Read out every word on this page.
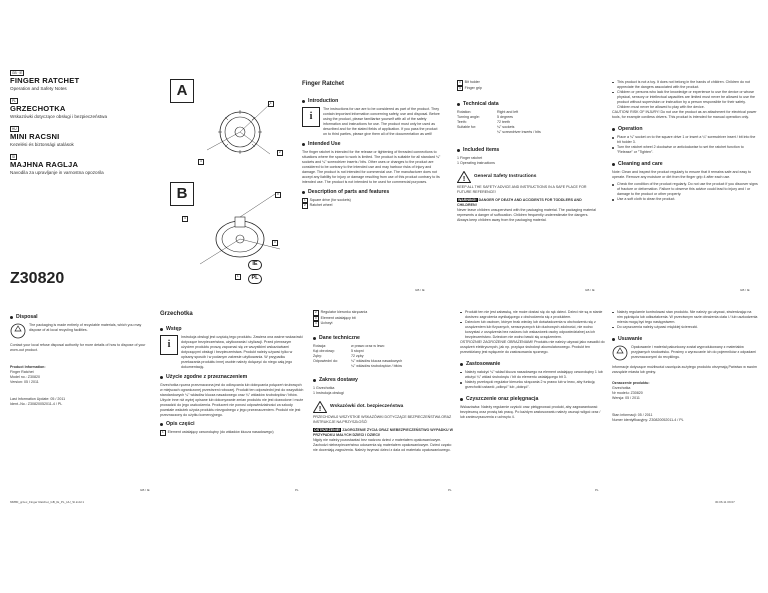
GB · IE

FINGER RATCHET
Operation and Safety Notes
PL

GRZECHOTKA
Wskazówki dotyczące obsługi i bezpieczeństwa
HU

MINI RACSNI
Kezelési és biztonsági utalások
SI

MAJHNA RAGLJA
Navodila za upravljanje in varnostna opozorila
Z30820
A
B
1
2
4
3
4
3
1
IE
PL
Finger Ratchet
Introduction
i
The instructions for use are to be considered as part of the product. They contain important information concerning safety, use and disposal. Before using the product, please familiarise yourself with all of the safety information and instructions for use. The product must only be used as described and for the stated fields of application. If you pass the product on to third parties, please give them all of the documentation as well!
Intended Use
The finger ratchet is intended for the release or tightening of threaded connections to situations where the space to work is limited. The product is suitable for all standard ¼" sockets and ¼" screwdriver inserts / bits. Other uses or changes to the product are considered to be contrary to the intended use and may harbour risks of injury and damage. The product is not intended for commercial use. The manufacturer does not accept any liability for injury or damage resulting from use of this product contrary to its intended use. The product is not intended to be used for commercial purposes.
Description of parts and features
1 Square drive (for sockets)
2 Ratchet wheel
3 Bit holder
4 Finger grip
Technical data
Rotation:	Right and left
Turning angle:	5 degrees
Teeth:	72 teeth
Suitable for:	¼" sockets
¼" screwdriver inserts / bits
Included items
1 Finger ratchet
1 Operating instructions
! General Safety Instructions
KEEP ALL THE SAFETY ADVICE AND INSTRUCTIONS IN A SAFE PLACE FOR FUTURE REFERENCE!
WARNING! DANGER OF DEATH AND ACCIDENTS FOR TODDLERS AND CHILDREN!
Never leave children unsupervised with the packaging material. The packaging material represents a danger of suffocation. Children frequently underestimate the dangers. Always keep children away from the packaging material.
This product is not a toy. It does not belong in the hands of children. Children do not appreciate the dangers associated with the product.
Children or persons who lack the knowledge or experience to use the device or whose physical, sensory or intellectual capacities are limited must never be allowed to use the product without supervision or instruction by a person responsible for their safety. Children must never be allowed to play with the device.
CAUTION! RISK OF INJURY! Do not use the product as an attachment for electrical power tools, for example cordless drivers. This product is intended for manual operation only.
Operation
Place a ¼" socket on to the square drive 1 or insert a ¼" screwdriver insert / bit into the bit holder 3.
Turn the ratchet wheel 2 clockwise or anticlockwise to set the ratchet function to "Release" or "Tighten".
Cleaning and care
Note: Clean and inspect the product regularly to ensure that it remains safe and easy to operate. Remove any moisture or dirt from the finger grip 4 after each use.
Check the condition of the product regularly. Do not use the product if you discover signs of fracture or deformation. Failure to observe this advice could lead to injury and / or damage to the product or other property.
Use a soft cloth to clean the product.
GB / IE	GB / IE	GB / IE
Disposal
The packaging is made entirely of recyclable materials, which you may dispose of at local recycling facilities.
Contact your local refuse disposal authority for more details of how to dispose of your worn-out product.
Product Information:
Finger Ratchet
Model no.: Z30820
Version: 05 / 2011
Last Information Update: 05 / 2011
Ident.-No.: Z30820052011-4 / PL
Grzechotka
Wstęp
i
Instrukcja obsługi jest częścią tego produktu. Zawiera ona ważne wskazówki dotyczące bezpieczeństwa, użytkowania i utylizacji. Przed pierwszym użyciem produktu proszę zapoznać się ze wszystkimi wskazówkami dotyczącymi obsługi i bezpieczeństwa. Produkt należy używać tylko w opisany sposób i w podanym zakresie użytkowania. W przypadku przekazania produktu innej osobie należy dołączyć do niego całą jego dokumentację.
Użycie zgodne z przeznaczeniem
Grzechotka ręczna przeznaczona jest do odkręcania lub dokręcania połączeń śrubowych w miejscach ograniczonej przestrzeni roboczej. Produkt ten odpowiedni jest do wszystkich standardowych ¼" wkładów klucza nasadowego oraz ¼" wkładów śrubokrętów / bitów. Użycie inne niż wyżej opisane lub dokonywanie zmian produktu nie jest dozwolone i może prowadzić do jego uszkodzenia. Producent nie ponosi odpowiedzialności za szkody powstałe wskutek użycia produktu niezgodnego z jego przeznaczeniem. Produkt nie jest przeznaczony do użytku komercyjnego.
Opis części
1 Element ustalający czworokątny (do wkładów klucza nasadowego)
2 Regulator kierunku skręcania
3 Element ustalający bit
4 Uchwyt
Dane techniczne
Rotacja:	w prawo oraz w lewo
Kąt obrotowy:	5 stopni
Zęby:	72 zęby
Odpowiedni do:	¼" wkładów klucza nasadowych
¼" wkładów śrubokrętów / bitów
Zakres dostawy
1 Grzechotka
1 Instrukcja obsługi
! Wskazówki dot. bezpieczeństwa
PRZECHOWUJ WSZYSTKIE WSKAZÓWKI DOTYCZĄCE BEZPIECZEŃSTWA ORAZ INSTRUKCJE NA PRZYSZŁOŚĆ!
OSTRZEŻENIE! ZAGROŻENIE ŻYCIA ORAZ NIEBEZPIECZEŃSTWO WYPADKU W PRZYPADKU MAŁYCH DZIECI I DZIECI!
Nigdy nie należy pozostawiać bez nadzoru dzieci z materiałem opakowaniowym. Zachodzi niebezpieczeństwo uduszenia się materiałem opakowaniowym. Dzieci często nie doceniają zagrożenia. Należy trzymać dzieci z dala od materiału opakowaniowego.
Produkt ten nie jest zabawką, nie może dostać się do rąk dzieci. Dzieci nie są w stanie dostrzec zagrożenia wynikającego z obchodzenia się z produktem.
Dzieciom lub osobom, którym brak wiedzy lub doświadczenia w obchodzeniu się z urządzeniem lub fizycznych, sensorycznych lub duchowych zdolności, nie wolno korzystać z urządzenia bez nadzoru lub wskazówek osoby odpowiedzialnej za ich bezpieczeństwo. Dzieciom nie wolno bawić się urządzeniem.
OSTROŻNIE! ZAGROŻENIE OBRAŻENIAMI! Produktu nie należy używać jako nasadki do urządzeń elektrycznych, jak np. przyłącz śrubokręt akumulatorowego. Produkt ten przewidziany jest wyłącznie do zastosowania ręcznego.
Zastosowanie
Należy nałożyć ¼" wkład klucza nasadowego na element ustalający czworokątny 1 lub włożyć ¼" wkład śrubokrętu / bit do elementu ustalającego bit 3.
Należy przekręcić regulator kierunku skręcania 2 w prawo lub w lewo, aby funkcję grzechotki ustawić „odkręć" lub „dokręć".
Czyszczenie oraz pielęgnacja
Wskazówka: Należy regularnie czyścić oraz pielęgnować produkt, aby zagwarantować bezpieczną oraz prostą tak pracę. Po każdym zastosowaniu należy usunąć wilgoć oraz / lub zanieczyszczenia z uchwytu 4.
Należy regularnie kontrolować stan produktu. Nie należy go używać, stwierdzając na nim pęknięcia lub odkształcenia. W przeciwnym razie obrażenia ciała i / lub uszkodzenia mienia mogą być tego następstwem.
Do czyszczenia należy używać miękkiej ściereczki.
Usuwanie
Opakowanie i materiał pakunkowy został wyprodukowany z materiałów przyjaznych środowisku. Prosimy o wyrzucanie ich do pojemników z odpadami przeznaczonymi do recyklingu.
Informacje dotyczące możliwości usunięcia zużytego produktu otrzymają Państwo w swoim zarządzie miasta lub gminy.
Oznaczenie produktu:
Grzechotka
Nr modelu: Z30820
Wersja: 05 / 2011
Stan informacji: 05 / 2011
Numer identyfikacyjny: Z30820052011-4 / PL
GB / IE	PL	PL	PL
66880_grzec_Finger Ratchet_GB_IE_PL_HU_SI.indd 1	30.06.11 09:07
